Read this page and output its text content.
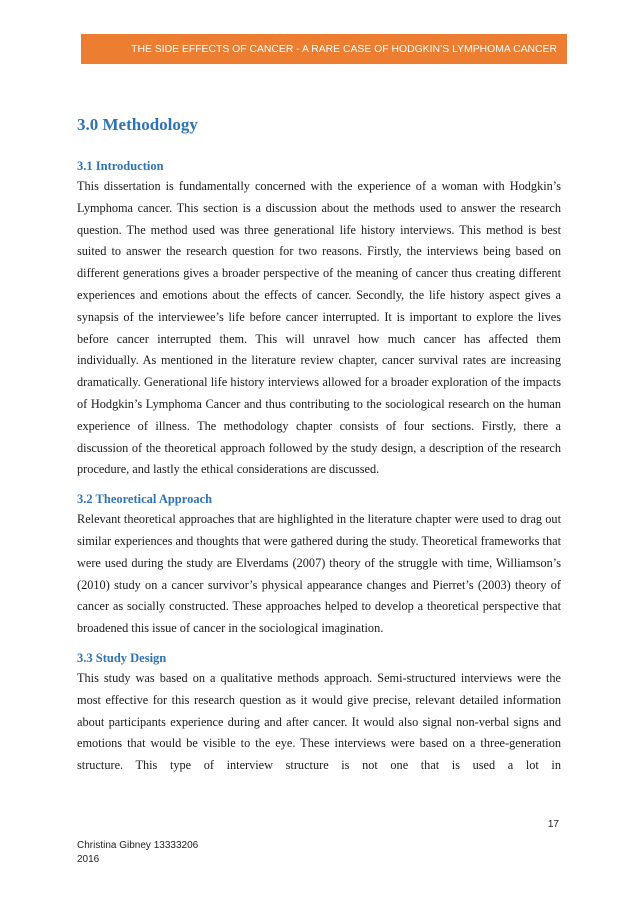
THE SIDE EFFECTS OF CANCER - A RARE CASE OF HODGKIN’S LYMPHOMA CANCER
3.0 Methodology
3.1 Introduction

This dissertation is fundamentally concerned with the experience of a woman with Hodgkin’s Lymphoma cancer. This section is a discussion about the methods used to answer the research question. The method used was three generational life history interviews. This method is best suited to answer the research question for two reasons. Firstly, the interviews being based on different generations gives a broader perspective of the meaning of cancer thus creating different experiences and emotions about the effects of cancer. Secondly, the life history aspect gives a synapsis of the interviewee’s life before cancer interrupted. It is important to explore the lives before cancer interrupted them. This will unravel how much cancer has affected them individually. As mentioned in the literature review chapter, cancer survival rates are increasing dramatically. Generational life history interviews allowed for a broader exploration of the impacts of Hodgkin’s Lymphoma Cancer and thus contributing to the sociological research on the human experience of illness. The methodology chapter consists of four sections. Firstly, there a discussion of the theoretical approach followed by the study design, a description of the research procedure, and lastly the ethical considerations are discussed.

3.2 Theoretical Approach

Relevant theoretical approaches that are highlighted in the literature chapter were used to drag out similar experiences and thoughts that were gathered during the study. Theoretical frameworks that were used during the study are Elverdams (2007) theory of the struggle with time, Williamson’s (2010) study on a cancer survivor’s physical appearance changes and Pierret’s (2003) theory of cancer as socially constructed. These approaches helped to develop a theoretical perspective that broadened this issue of cancer in the sociological imagination.

3.3 Study Design

This study was based on a qualitative methods approach. Semi-structured interviews were the most effective for this research question as it would give precise, relevant detailed information about participants experience during and after cancer. It would also signal non-verbal signs and emotions that would be visible to the eye. These interviews were based on a three-generation structure. This type of interview structure is not one that is used a lot in

17
Christina Gibney 13333206
2016
